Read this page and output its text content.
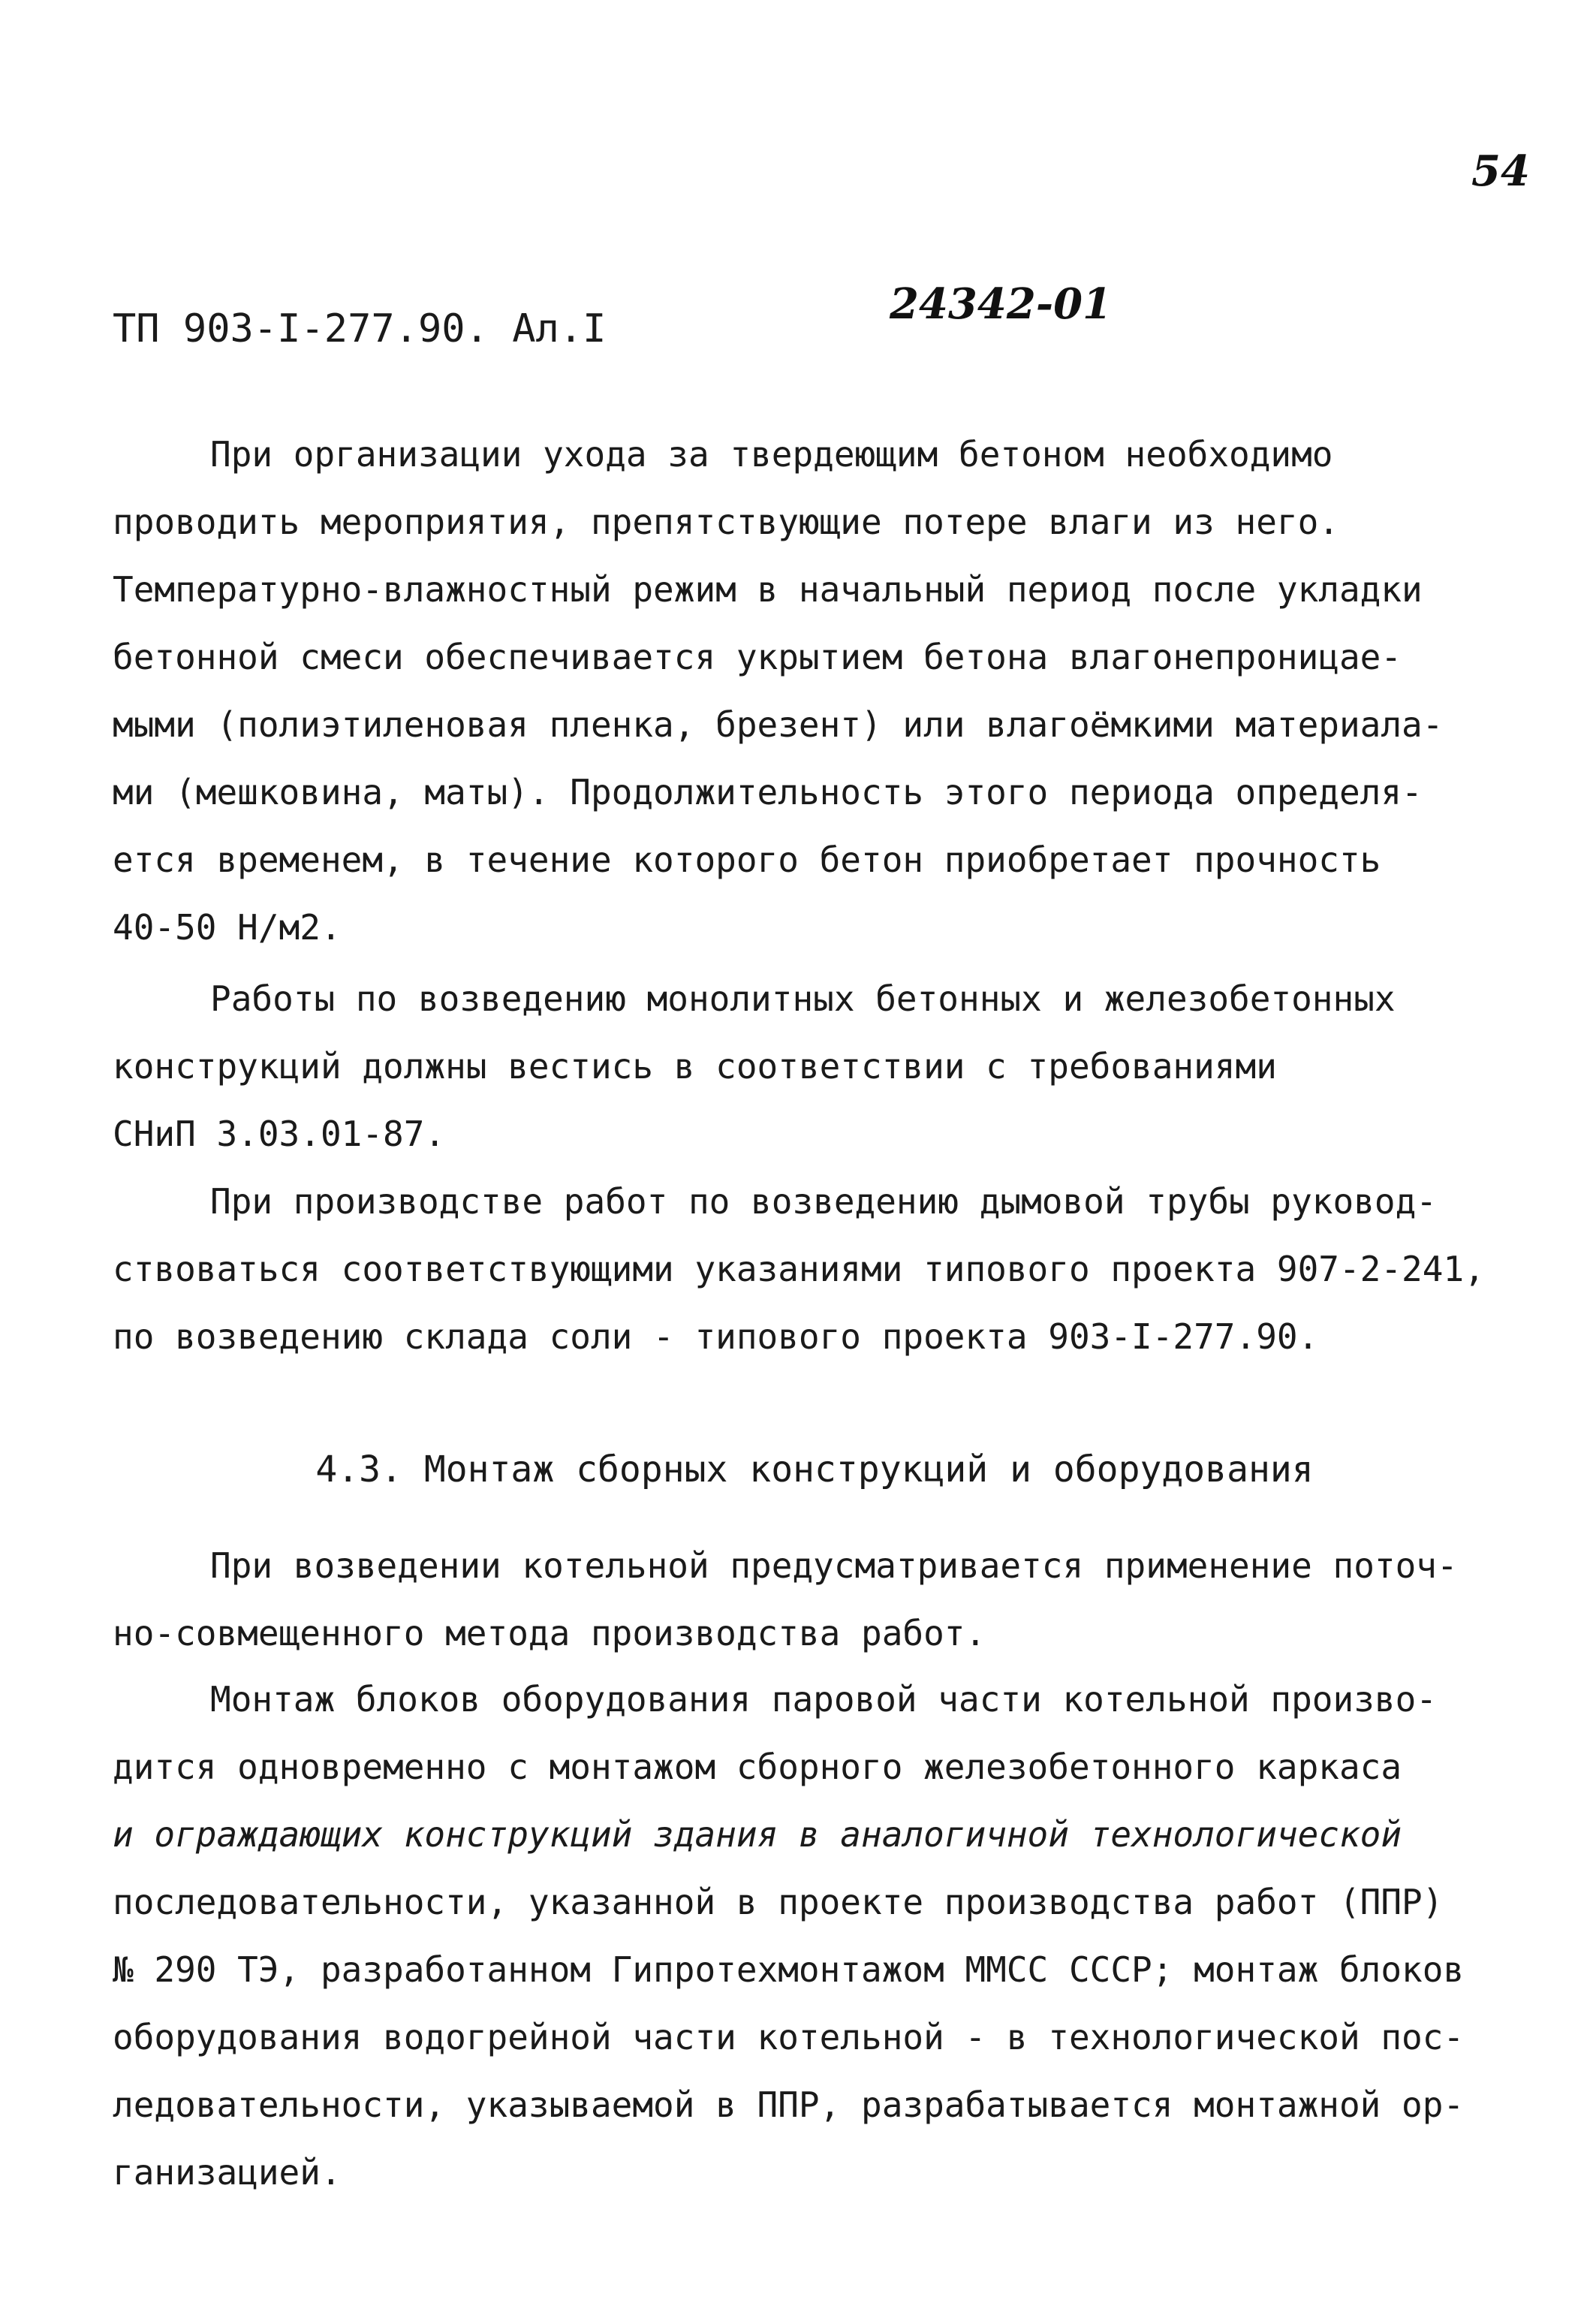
54
24342-01
ТП 903-I-277.90. Ал.I
При организации ухода за твердеющим бетоном необходимо
проводить мероприятия, препятствующие потере влаги из него.
Температурно-влажностный режим в начальный период после укладки
бетонной смеси обеспечивается укрытием бетона влагонепроницае-
мыми (полиэтиленовая пленка, брезент) или влагоёмкими материала-
ми (мешковина, маты). Продолжительность этого периода определя-
ется временем, в течение которого бетон приобретает прочность
40-50 Н/м2.
Работы по возведению монолитных бетонных и железобетонных
конструкций должны вестись в соответствии с требованиями
СНиП 3.03.01-87.
При производстве работ по возведению дымовой трубы руковод-
ствоваться соответствующими указаниями типового проекта 907-2-241,
по возведению склада соли - типового проекта 903-I-277.90.
4.3. Монтаж сборных конструкций и оборудования
При возведении котельной предусматривается применение поточ-
но-совмещенного метода производства работ.
Монтаж блоков оборудования паровой части котельной произво-
дится одновременно с монтажом сборного железобетонного каркаса
и ограждающих конструкций здания в аналогичной технологической
последовательности, указанной в проекте производства работ (ППР)
№ 290 ТЭ, разработанном Гипротехмонтажом ММСС СССР; монтаж блоков
оборудования водогрейной части котельной - в технологической пос-
ледовательности, указываемой в ППР, разрабатывается монтажной ор-
ганизацией.
